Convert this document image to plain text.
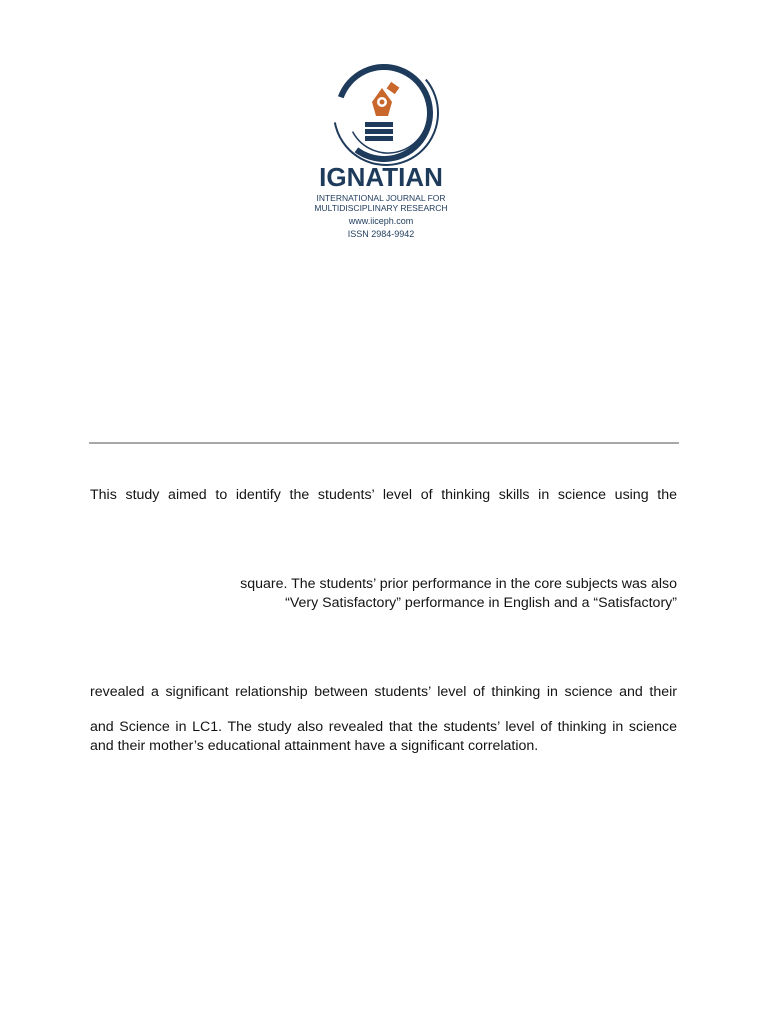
IGNATIAN
INTERNATIONAL JOURNAL FOR
MULTIDISCIPLINARY RESEARCH
www.iiceph.com
ISSN 2984-9942
This study aimed to identify the students’ level of thinking skills in science using the
square. The students’ prior performance in the core subjects was also
“Very Satisfactory” performance in English and a “Satisfactory”
revealed a significant relationship between students’ level of thinking in science and their
and Science in LC1. The study also revealed that the students’ level of thinking in science
and their mother’s educational attainment have a significant correlation.
